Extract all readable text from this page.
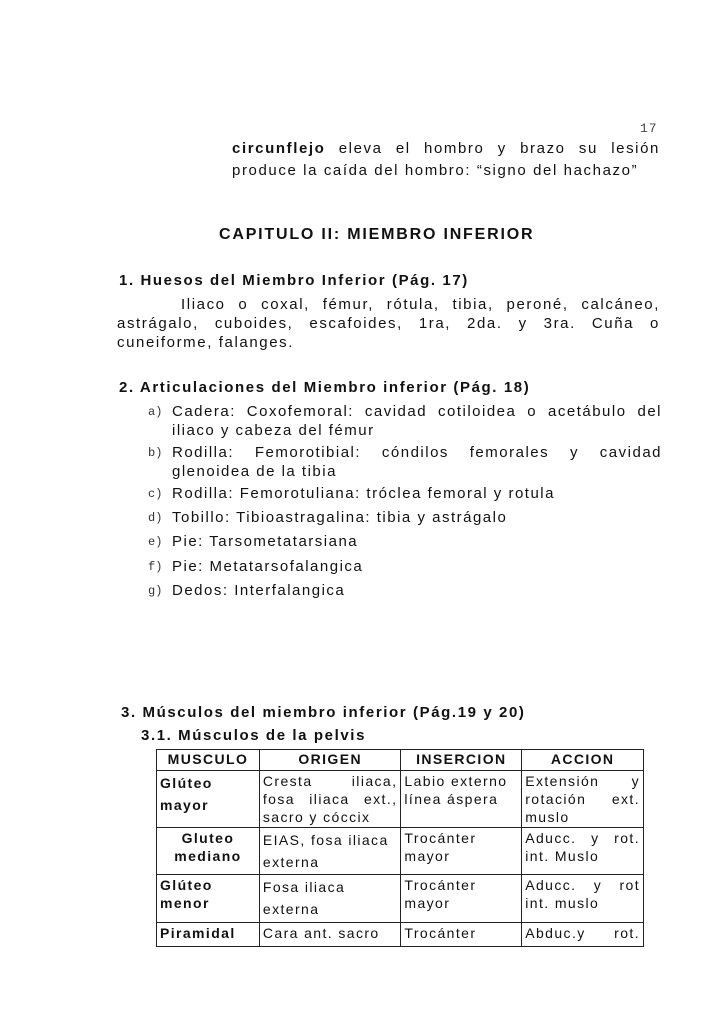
17
circunflejo eleva el hombro y brazo su lesión
produce la caída del hombro: “signo del hachazo”
CAPITULO II: MIEMBRO INFERIOR
1. Huesos del Miembro Inferior (Pág. 17)
Iliaco o coxal, fémur, rótula, tibia, peroné, calcáneo,
astrágalo, cuboides, escafoides, 1ra, 2da. y 3ra. Cuña o
cuneiforme, falanges.
2. Articulaciones del Miembro inferior (Pág. 18)
a) Cadera: Coxofemoral: cavidad cotiloidea o acetábulo del
iliaco y cabeza del fémur
b) Rodilla: Femorotibial: cóndilos femorales y cavidad
glenoidea de la tibia
c) Rodilla: Femorotuliana: tróclea femoral y rotula
d) Tobillo: Tibioastragalina: tibia y astrágalo
e) Pie: Tarsometatarsiana
f) Pie: Metatarsofalangica
g) Dedos: Interfalangica
3. Músculos del miembro inferior (Pág.19 y 20)
3.1. Músculos de la pelvis
MUSCULO	ORIGEN	INSERCION	ACCION
Glúteo mayor	Cresta iliaca, fosa iliaca ext., sacro y cóccix	Labio externo línea áspera	Extensión y rotación ext. muslo
Gluteo mediano	EIAS, fosa iliaca externa	Trocánter mayor	Aducc. y rot. int. Muslo
Glúteo menor	Fosa iliaca externa	Trocánter mayor	Aducc. y rot int. muslo
Piramidal	Cara ant. sacro	Trocánter	Abduc.y rot.
